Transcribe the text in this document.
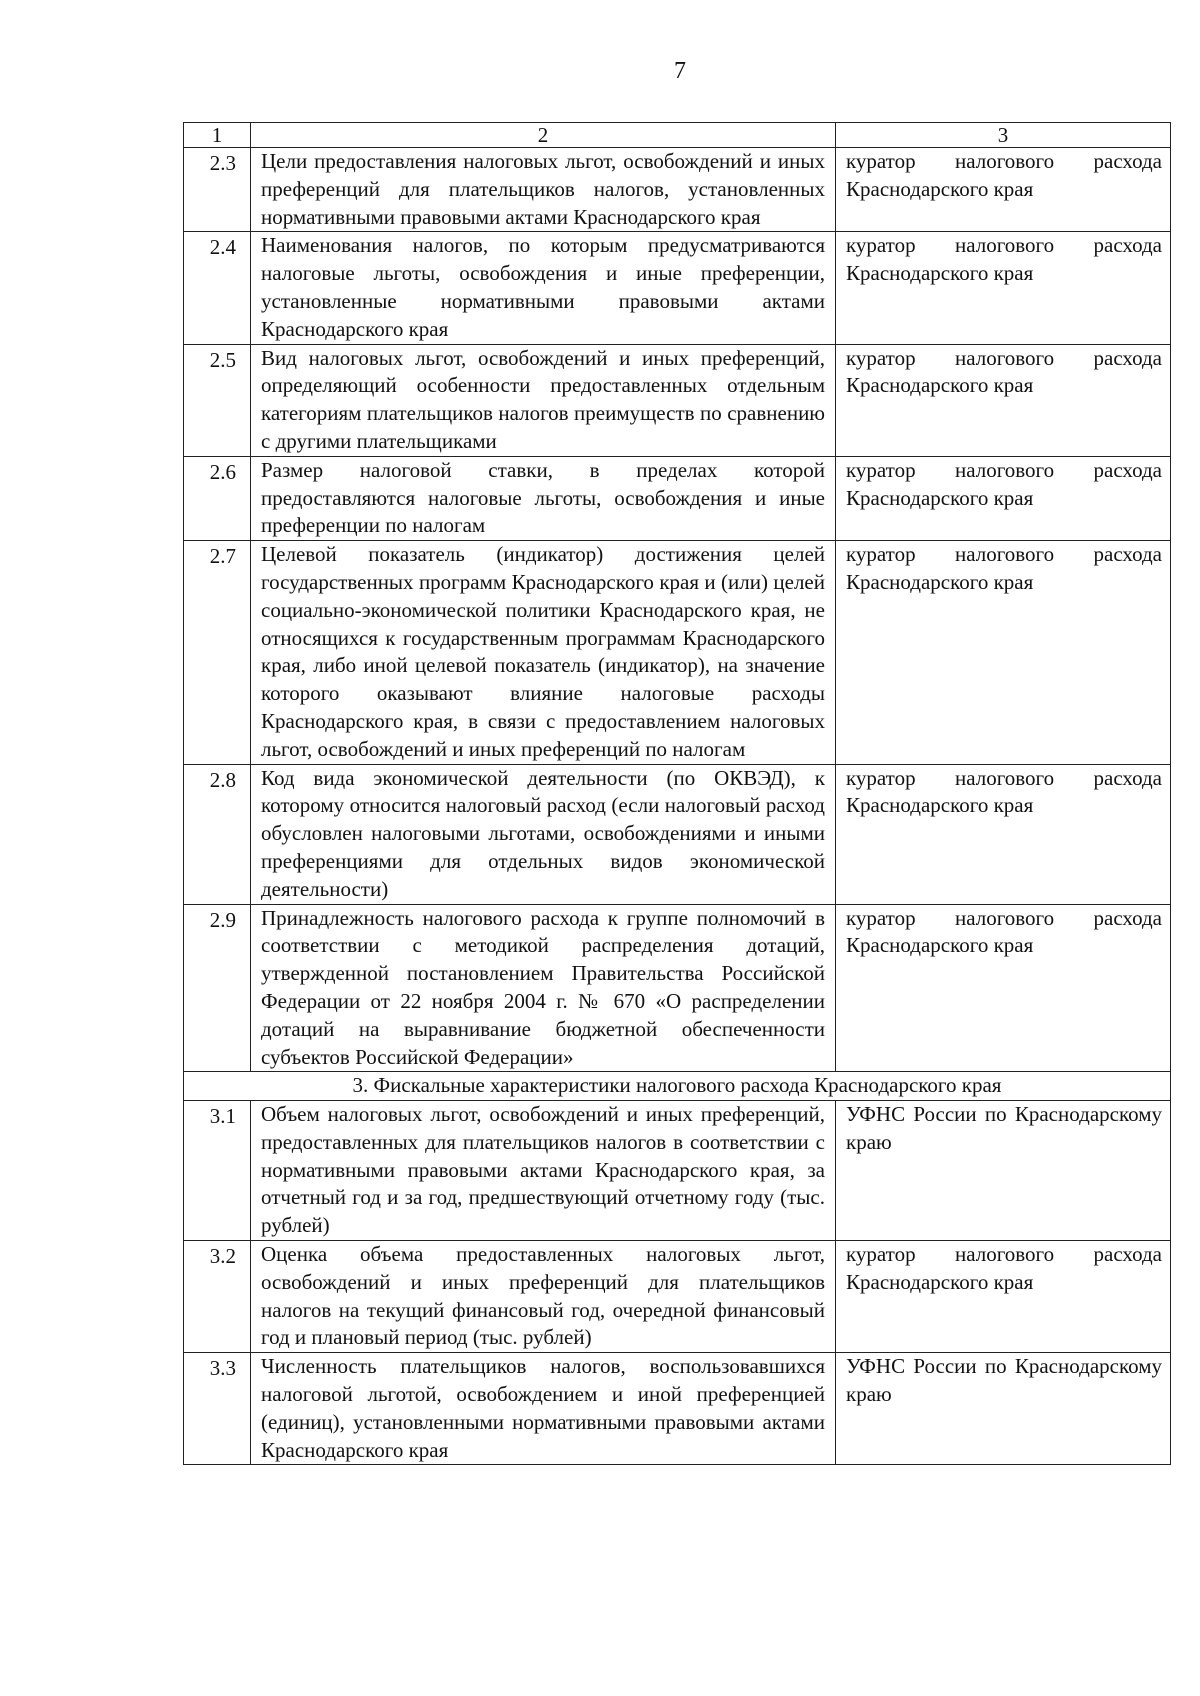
7
1	2	3
2.3	Цели предоставления налоговых льгот, освобождений и иных преференций для плательщиков налогов, установленных нормативными правовыми актами Краснодарского края	куратор налогового расхода Краснодарского края
2.4	Наименования налогов, по которым предусматриваются налоговые льготы, освобождения и иные преференции, установленные нормативными правовыми актами Краснодарского края	куратор налогового расхода Краснодарского края
2.5	Вид налоговых льгот, освобождений и иных преференций, определяющий особенности предоставленных отдельным категориям плательщиков налогов преимуществ по сравнению с другими плательщиками	куратор налогового расхода Краснодарского края
2.6	Размер налоговой ставки, в пределах которой предоставляются налоговые льготы, освобождения и иные преференции по налогам	куратор налогового расхода Краснодарского края
2.7	Целевой показатель (индикатор) достижения целей государственных программ Краснодарского края и (или) целей социально-экономической политики Краснодарского края, не относящихся к государственным программам Краснодарского края, либо иной целевой показатель (индикатор), на значение которого оказывают влияние налоговые расходы Краснодарского края, в связи с предоставлением налоговых льгот, освобождений и иных преференций по налогам	куратор налогового расхода Краснодарского края
2.8	Код вида экономической деятельности (по ОКВЭД), к которому относится налоговый расход (если налоговый расход обусловлен налоговыми льготами, освобождениями и иными преференциями для отдельных видов экономической деятельности)	куратор налогового расхода Краснодарского края
2.9	Принадлежность налогового расхода к группе полномочий в соответствии с методикой распределения дотаций, утвержденной постановлением Правительства Российской Федерации от 22 ноября 2004 г. № 670 «О распределении дотаций на выравнивание бюджетной обеспеченности субъектов Российской Федерации»	куратор налогового расхода Краснодарского края
3. Фискальные характеристики налогового расхода Краснодарского края		
3.1	Объем налоговых льгот, освобождений и иных преференций, предоставленных для плательщиков налогов в соответствии с нормативными правовыми актами Краснодарского края, за отчетный год и за год, предшествующий отчетному году (тыс. рублей)	УФНС России по Краснодарскому краю
3.2	Оценка объема предоставленных налоговых льгот, освобождений и иных преференций для плательщиков налогов на текущий финансовый год, очередной финансовый год и плановый период (тыс. рублей)	куратор налогового расхода Краснодарского края
3.3	Численность плательщиков налогов, воспользовавшихся налоговой льготой, освобождением и иной преференцией (единиц), установленными нормативными правовыми актами Краснодарского края	УФНС России по Краснодарскому краю
